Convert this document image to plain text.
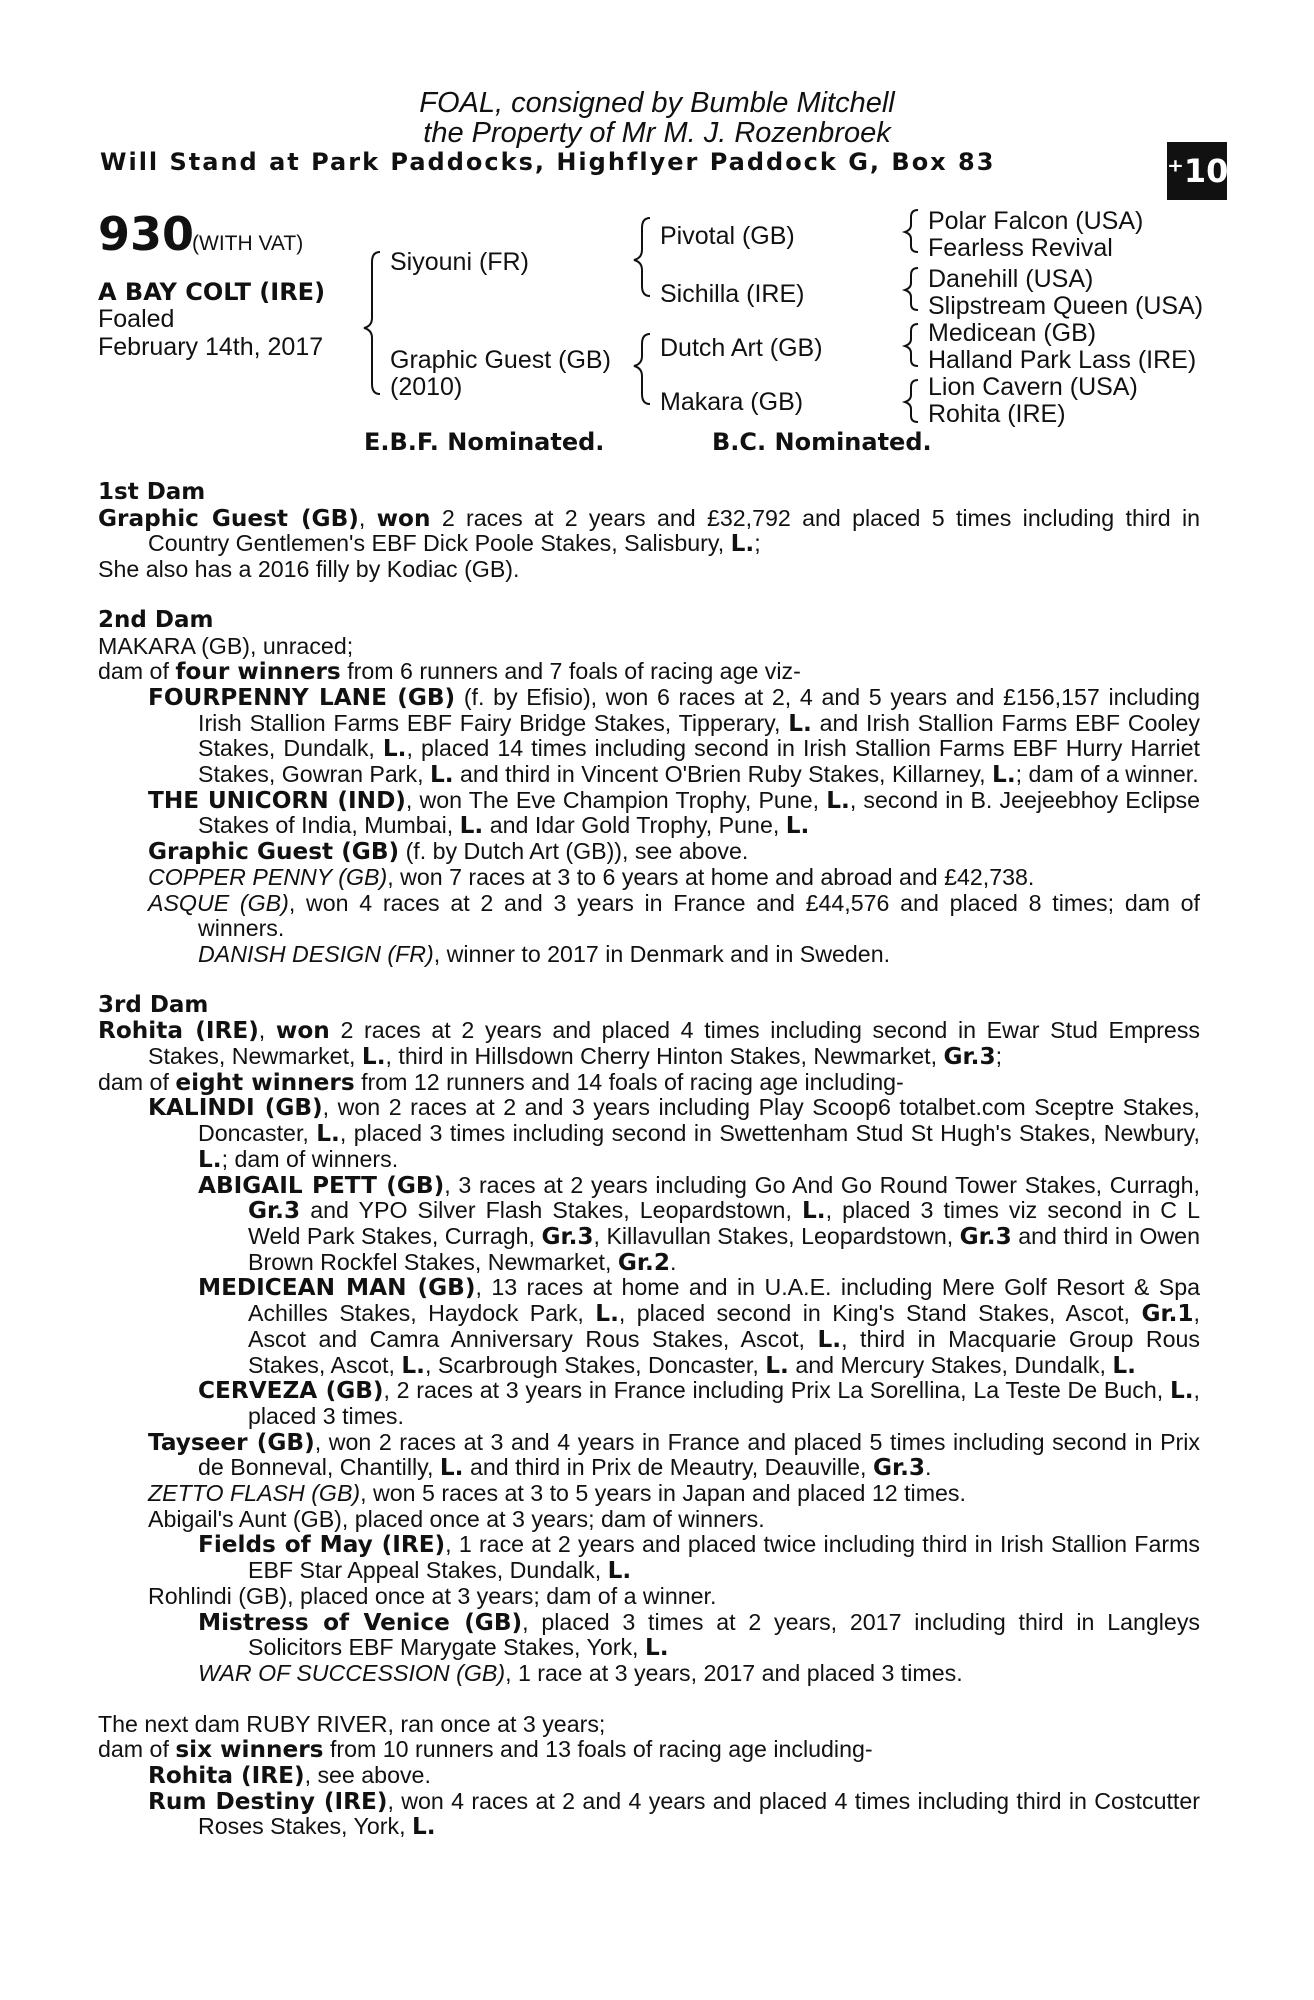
FOAL, consigned by Bumble Mitchell
the Property of Mr M. J. Rozenbroek
Will Stand at Park Paddocks, Highflyer Paddock G, Box 83	⁺10
930
(WITH VAT)
A BAY COLT (IRE)
Foaled
February 14th, 2017
Siyouni (FR)
Graphic Guest (GB)
(2010)
Pivotal (GB)
Sichilla (IRE)
Dutch Art (GB)
Makara (GB)
Polar Falcon (USA)
Fearless Revival
Danehill (USA)
Slipstream Queen (USA)
Medicean (GB)
Halland Park Lass (IRE)
Lion Cavern (USA)
Rohita (IRE)
E.B.F. Nominated.	B.C. Nominated.

1st Dam

Graphic Guest (GB), won 2 races at 2 years and £32,792 and placed 5 times including third in Country Gentlemen's EBF Dick Poole Stakes, Salisbury, L.;

She also has a 2016 filly by Kodiac (GB).

2nd Dam

MAKARA (GB), unraced;

dam of four winners from 6 runners and 7 foals of racing age viz-

FOURPENNY LANE (GB) (f. by Efisio), won 6 races at 2, 4 and 5 years and £156,157 including Irish Stallion Farms EBF Fairy Bridge Stakes, Tipperary, L. and Irish Stallion Farms EBF Cooley Stakes, Dundalk, L., placed 14 times including second in Irish Stallion Farms EBF Hurry Harriet Stakes, Gowran Park, L. and third in Vincent O'Brien Ruby Stakes, Killarney, L.; dam of a winner.

THE UNICORN (IND), won The Eve Champion Trophy, Pune, L., second in B. Jeejeebhoy Eclipse Stakes of India, Mumbai, L. and Idar Gold Trophy, Pune, L.

Graphic Guest (GB) (f. by Dutch Art (GB)), see above.

COPPER PENNY (GB), won 7 races at 3 to 6 years at home and abroad and £42,738.

ASQUE (GB), won 4 races at 2 and 3 years in France and £44,576 and placed 8 times; dam of winners.

DANISH DESIGN (FR), winner to 2017 in Denmark and in Sweden.

3rd Dam

Rohita (IRE), won 2 races at 2 years and placed 4 times including second in Ewar Stud Empress Stakes, Newmarket, L., third in Hillsdown Cherry Hinton Stakes, Newmarket, Gr.3;

dam of eight winners from 12 runners and 14 foals of racing age including-

KALINDI (GB), won 2 races at 2 and 3 years including Play Scoop6 totalbet.com Sceptre Stakes, Doncaster, L., placed 3 times including second in Swettenham Stud St Hugh's Stakes, Newbury, L.; dam of winners.

ABIGAIL PETT (GB), 3 races at 2 years including Go And Go Round Tower Stakes, Curragh, Gr.3 and YPO Silver Flash Stakes, Leopardstown, L., placed 3 times viz second in C L Weld Park Stakes, Curragh, Gr.3, Killavullan Stakes, Leopardstown, Gr.3 and third in Owen Brown Rockfel Stakes, Newmarket, Gr.2.

MEDICEAN MAN (GB), 13 races at home and in U.A.E. including Mere Golf Resort & Spa Achilles Stakes, Haydock Park, L., placed second in King's Stand Stakes, Ascot, Gr.1, Ascot and Camra Anniversary Rous Stakes, Ascot, L., third in Macquarie Group Rous Stakes, Ascot, L., Scarbrough Stakes, Doncaster, L. and Mercury Stakes, Dundalk, L.

CERVEZA (GB), 2 races at 3 years in France including Prix La Sorellina, La Teste De Buch, L., placed 3 times.

Tayseer (GB), won 2 races at 3 and 4 years in France and placed 5 times including second in Prix de Bonneval, Chantilly, L. and third in Prix de Meautry, Deauville, Gr.3.

ZETTO FLASH (GB), won 5 races at 3 to 5 years in Japan and placed 12 times.

Abigail's Aunt (GB), placed once at 3 years; dam of winners.

Fields of May (IRE), 1 race at 2 years and placed twice including third in Irish Stallion Farms EBF Star Appeal Stakes, Dundalk, L.

Rohlindi (GB), placed once at 3 years; dam of a winner.

Mistress of Venice (GB), placed 3 times at 2 years, 2017 including third in Langleys Solicitors EBF Marygate Stakes, York, L.

WAR OF SUCCESSION (GB), 1 race at 3 years, 2017 and placed 3 times.

The next dam RUBY RIVER, ran once at 3 years;

dam of six winners from 10 runners and 13 foals of racing age including-

Rohita (IRE), see above.

Rum Destiny (IRE), won 4 races at 2 and 4 years and placed 4 times including third in Costcutter Roses Stakes, York, L.
